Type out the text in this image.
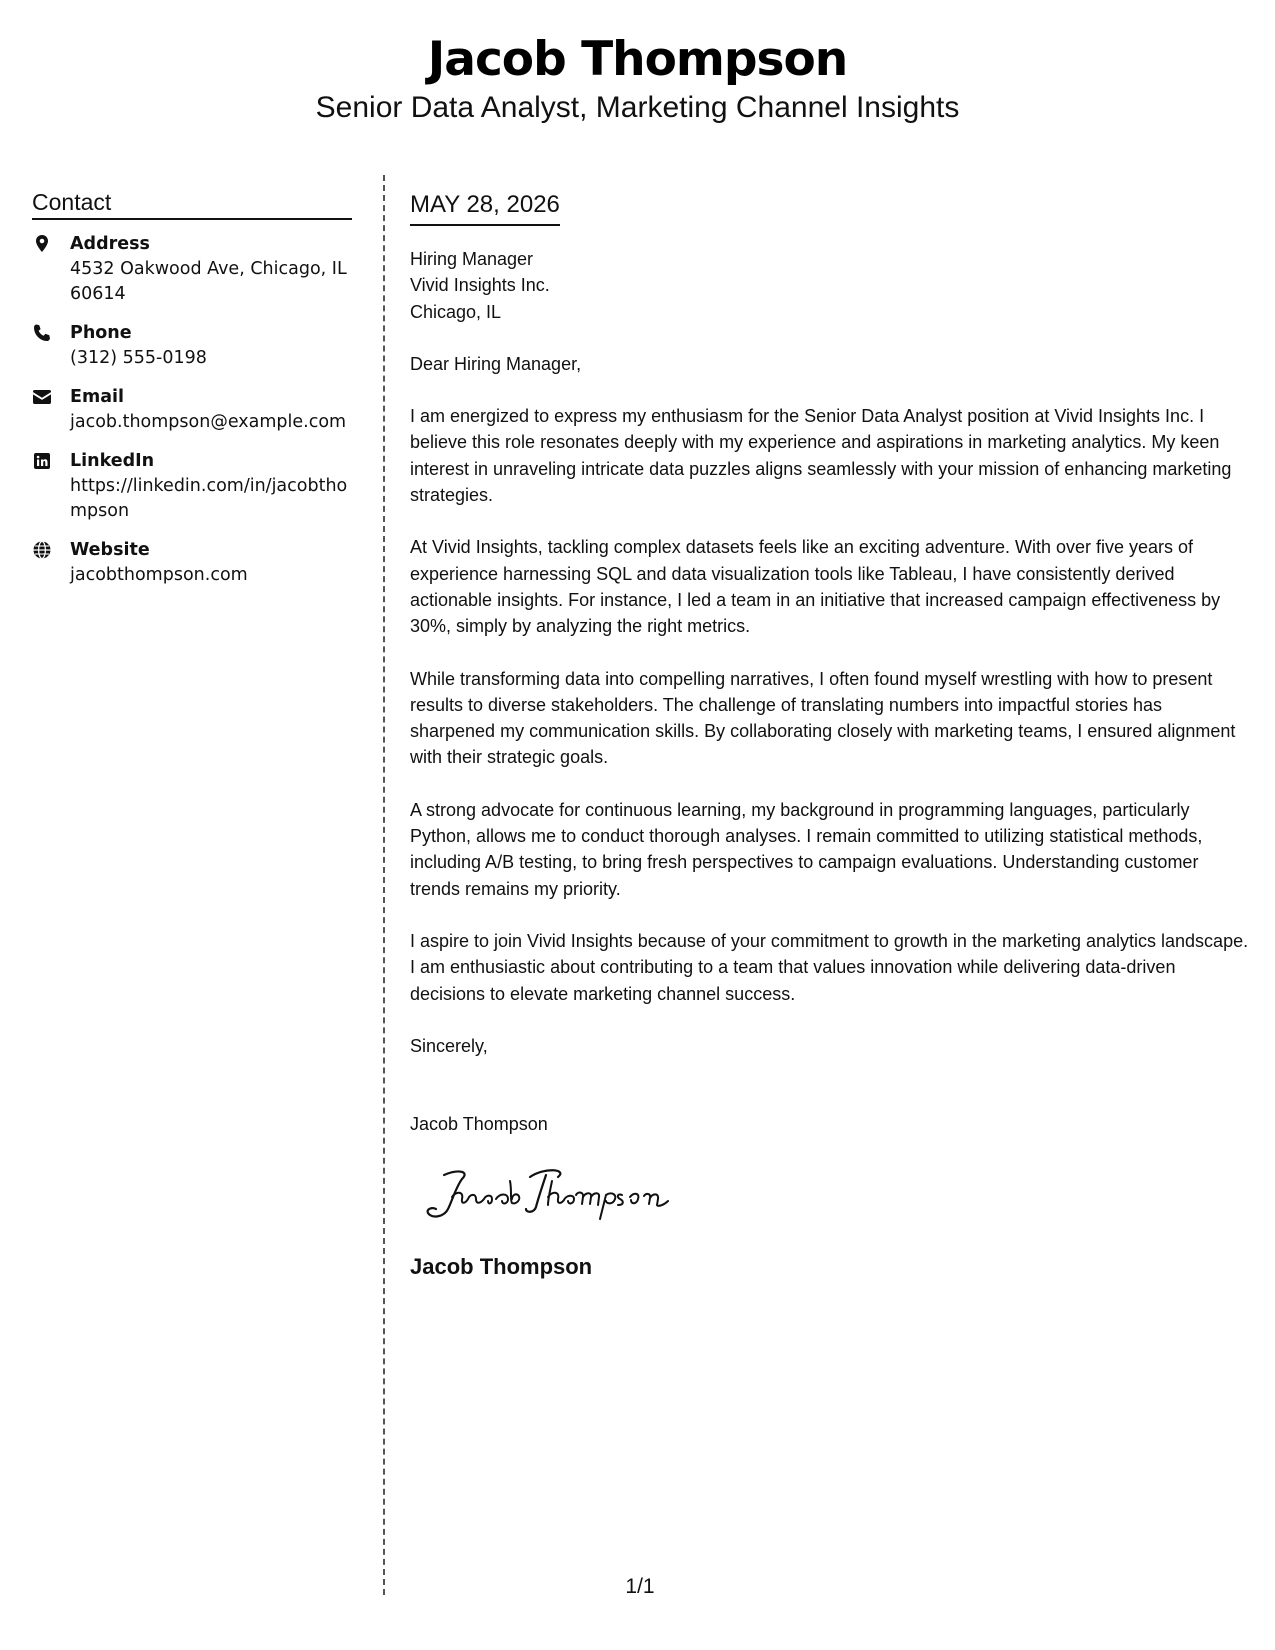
Jacob Thompson
Senior Data Analyst, Marketing Channel Insights
Contact
Address
4532 Oakwood Ave, Chicago, IL 60614
Phone
(312) 555-0198
Email
jacob.thompson@example.com
LinkedIn
https://linkedin.com/in/jacobthompson
Website
jacobthompson.com
MAY 28, 2026
Hiring Manager
Vivid Insights Inc.
Chicago, IL
Dear Hiring Manager,
I am energized to express my enthusiasm for the Senior Data Analyst position at Vivid Insights Inc. I believe this role resonates deeply with my experience and aspirations in marketing analytics. My keen interest in unraveling intricate data puzzles aligns seamlessly with your mission of enhancing marketing strategies.
At Vivid Insights, tackling complex datasets feels like an exciting adventure. With over five years of experience harnessing SQL and data visualization tools like Tableau, I have consistently derived actionable insights. For instance, I led a team in an initiative that increased campaign effectiveness by 30%, simply by analyzing the right metrics.
While transforming data into compelling narratives, I often found myself wrestling with how to present results to diverse stakeholders. The challenge of translating numbers into impactful stories has sharpened my communication skills. By collaborating closely with marketing teams, I ensured alignment with their strategic goals.
A strong advocate for continuous learning, my background in programming languages, particularly Python, allows me to conduct thorough analyses. I remain committed to utilizing statistical methods, including A/B testing, to bring fresh perspectives to campaign evaluations. Understanding customer trends remains my priority.
I aspire to join Vivid Insights because of your commitment to growth in the marketing analytics landscape. I am enthusiastic about contributing to a team that values innovation while delivering data-driven decisions to elevate marketing channel success.
Sincerely,
Jacob Thompson
Jacob Thompson
1/1
